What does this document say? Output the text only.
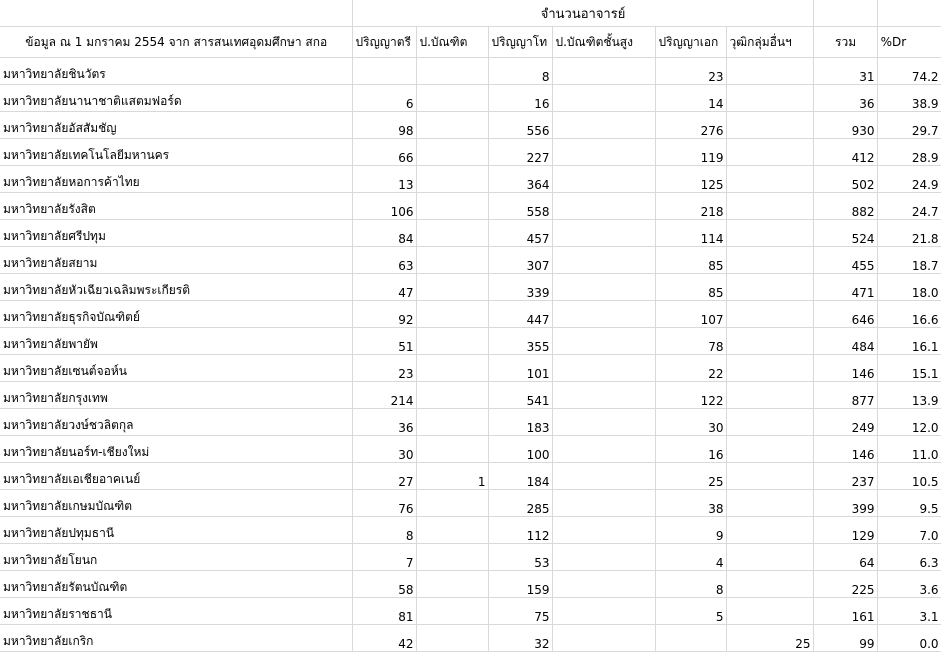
	จำนวนอาจารย์							
ข้อมูล ณ 1 มกราคม 2554 จาก สารสนเทศอุดมศึกษา สกอ	ปริญญาตรี	ป.บัณฑิต	ปริญญาโท	ป.บัณฑิตชั้นสูง	ปริญญาเอก	วุฒิกลุ่มอื่นฯ	รวม	%Dr
มหาวิทยาลัยชินวัตร			8		23		31	74.2
มหาวิทยาลัยนานาชาติแสตมฟอร์ด	6		16		14		36	38.9
มหาวิทยาลัยอัสสัมชัญ	98		556		276		930	29.7
มหาวิทยาลัยเทคโนโลยีมหานคร	66		227		119		412	28.9
มหาวิทยาลัยหอการค้าไทย	13		364		125		502	24.9
มหาวิทยาลัยรังสิต	106		558		218		882	24.7
มหาวิทยาลัยศรีปทุม	84		457		114		524	21.8
มหาวิทยาลัยสยาม	63		307		85		455	18.7
มหาวิทยาลัยหัวเฉียวเฉลิมพระเกียรติ	47		339		85		471	18.0
มหาวิทยาลัยธุรกิจบัณฑิตย์	92		447		107		646	16.6
มหาวิทยาลัยพายัพ	51		355		78		484	16.1
มหาวิทยาลัยเซนต์จอห์น	23		101		22		146	15.1
มหาวิทยาลัยกรุงเทพ	214		541		122		877	13.9
มหาวิทยาลัยวงษ์ชวลิตกุล	36		183		30		249	12.0
มหาวิทยาลัยนอร์ท-เชียงใหม่	30		100		16		146	11.0
มหาวิทยาลัยเอเชียอาคเนย์	27	1	184		25		237	10.5
มหาวิทยาลัยเกษมบัณฑิต	76		285		38		399	9.5
มหาวิทยาลัยปทุมธานี	8		112		9		129	7.0
มหาวิทยาลัยโยนก	7		53		4		64	6.3
มหาวิทยาลัยรัตนบัณฑิต	58		159		8		225	3.6
มหาวิทยาลัยราชธานี	81		75		5		161	3.1
มหาวิทยาลัยเกริก	42		32			25	99	0.0
